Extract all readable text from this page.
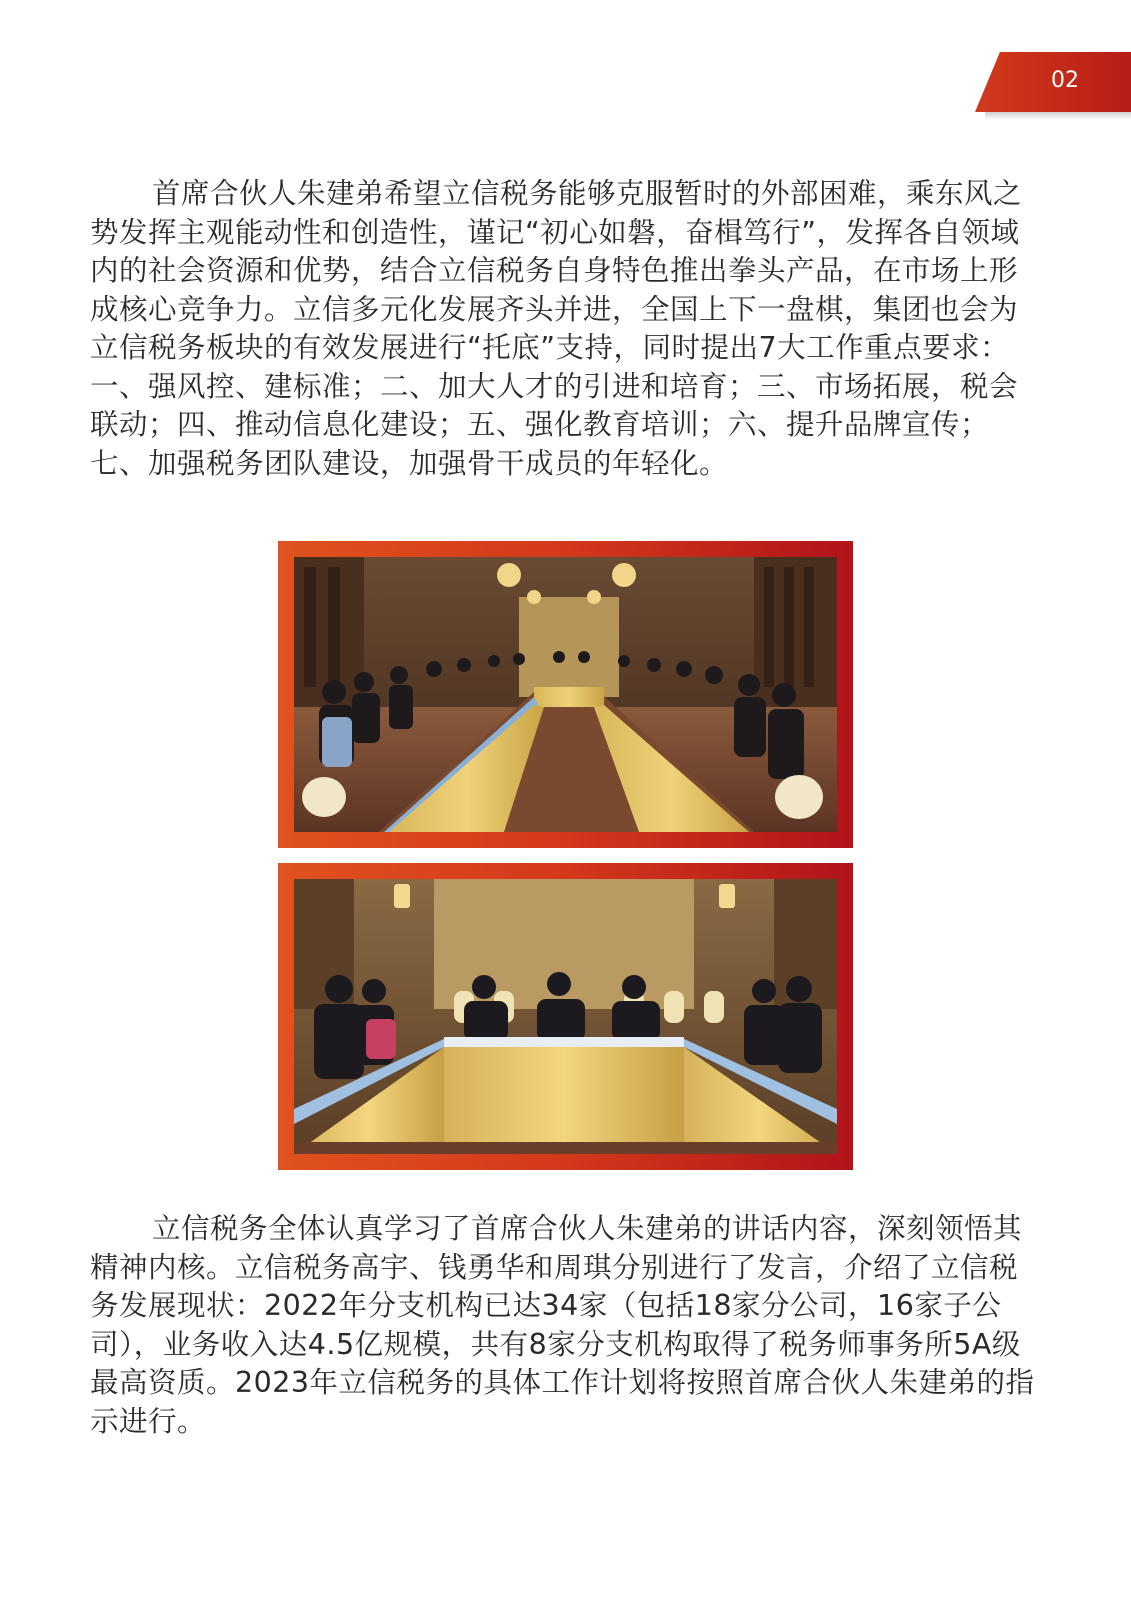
02

首席合伙人朱建弟希望立信税务能够克服暂时的外部困难，乘东风之势发挥主观能动性和创造性，谨记“初心如磐，奋楫笃行”，发挥各自领域内的社会资源和优势，结合立信税务自身特色推出拳头产品，在市场上形成核心竞争力。立信多元化发展齐头并进，全国上下一盘棋，集团也会为立信税务板块的有效发展进行“托底”支持，同时提出7大工作重点要求：一、强风控、建标准；二、加大人才的引进和培育；三、市场拓展，税会联动；四、推动信息化建设；五、强化教育培训；六、提升品牌宣传；七、加强税务团队建设，加强骨干成员的年轻化。

立信税务全体认真学习了首席合伙人朱建弟的讲话内容，深刻领悟其精神内核。立信税务高宇、钱勇华和周琪分别进行了发言，介绍了立信税务发展现状：2022年分支机构已达34家（包括18家分公司，16家子公司），业务收入达4.5亿规模，共有8家分支机构取得了税务师事务所5A级最高资质。2023年立信税务的具体工作计划将按照首席合伙人朱建弟的指示进行。
